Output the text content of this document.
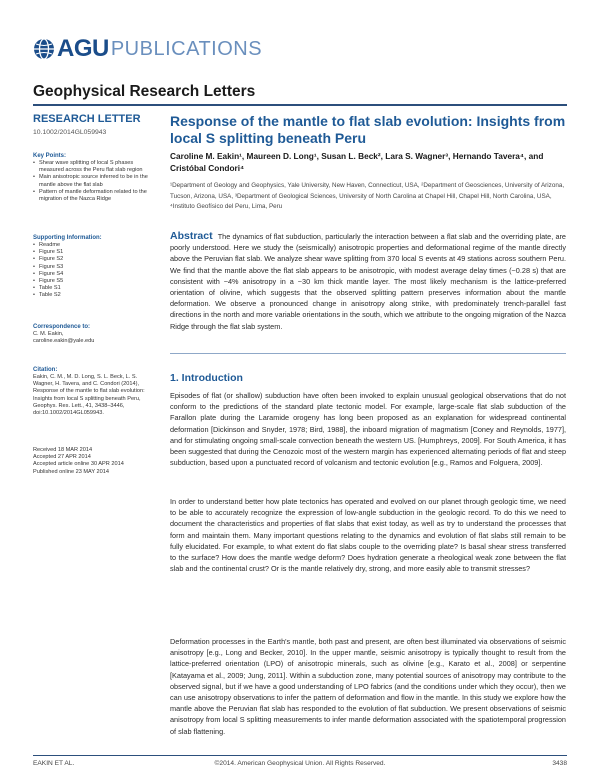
AGU PUBLICATIONS
Geophysical Research Letters
RESEARCH LETTER
10.1002/2014GL059943
Key Points:
• Shear wave splitting of local S phases measured across the Peru flat slab region
• Main anisotropic source inferred to be in the mantle above the flat slab
• Pattern of mantle deformation related to the migration of the Nazca Ridge
Supporting Information:
• Readme
• Figure S1
• Figure S2
• Figure S3
• Figure S4
• Figure S5
• Table S1
• Table S2
Correspondence to:
C. M. Eakin,
caroline.eakin@yale.edu
Citation:
Eakin, C. M., M. D. Long, S. L. Beck, L. S. Wagner, H. Tavera, and C. Condori (2014), Response of the mantle to flat slab evolution: Insights from local S splitting beneath Peru, Geophys. Res. Lett., 41, 3438–3446, doi:10.1002/2014GL059943.
Received 18 MAR 2014
Accepted 27 APR 2014
Accepted article online 30 APR 2014
Published online 23 MAY 2014
Response of the mantle to flat slab evolution: Insights from local S splitting beneath Peru
Caroline M. Eakin¹, Maureen D. Long¹, Susan L. Beck², Lara S. Wagner³, Hernando Tavera⁴, and Cristóbal Condori⁴
¹Department of Geology and Geophysics, Yale University, New Haven, Connecticut, USA, ²Department of Geosciences, University of Arizona, Tucson, Arizona, USA, ³Department of Geological Sciences, University of North Carolina at Chapel Hill, Chapel Hill, North Carolina, USA, ⁴Instituto Geofísico del Peru, Lima, Peru
Abstract The dynamics of flat subduction, particularly the interaction between a flat slab and the overriding plate, are poorly understood. Here we study the (seismically) anisotropic properties and deformational regime of the mantle directly above the Peruvian flat slab. We analyze shear wave splitting from 370 local S events at 49 stations across southern Peru. We find that the mantle above the flat slab appears to be anisotropic, with modest average delay times (~0.28 s) that are consistent with ~4% anisotropy in a ~30 km thick mantle layer. The most likely mechanism is the lattice-preferred orientation of olivine, which suggests that the observed splitting pattern preserves information about the mantle deformation. We observe a pronounced change in anisotropy along strike, with predominately trench-parallel fast directions in the north and more variable orientations in the south, which we attribute to the ongoing migration of the Nazca Ridge through the flat slab system.
1. Introduction
Episodes of flat (or shallow) subduction have often been invoked to explain unusual geological observations that do not conform to the predictions of the standard plate tectonic model. For example, large-scale flat slab subduction of the Farallon plate during the Laramide orogeny has long been proposed as an explanation for widespread continental deformation [Dickinson and Snyder, 1978; Bird, 1988], the inboard migration of magmatism [Coney and Reynolds, 1977], and for stimulating ongoing small-scale convection beneath the western US. [Humphreys, 2009]. For South America, it has been suggested that during the Cenozoic most of the western margin has experienced alternating periods of flat and steep subduction, based upon a punctuated record of volcanism and tectonic evolution [e.g., Ramos and Folguera, 2009].
In order to understand better how plate tectonics has operated and evolved on our planet through geologic time, we need to be able to accurately recognize the expression of low-angle subduction in the geologic record. To do this we need to document the characteristics and properties of flat slabs that exist today, as well as try to understand the processes that form and maintain them. Many important questions relating to the dynamics and evolution of flat slabs still remain to be fully elucidated. For example, to what extent do flat slabs couple to the overriding plate? Is basal shear stress transferred to the surface? How does the mantle wedge deform? Does hydration generate a rheological weak zone between the flat slab and the continental crust? Or is the mantle relatively dry, strong, and more easily able to transmit stresses?
Deformation processes in the Earth's mantle, both past and present, are often best illuminated via observations of seismic anisotropy [e.g., Long and Becker, 2010]. In the upper mantle, seismic anisotropy is typically thought to result from the lattice-preferred orientation (LPO) of anisotropic minerals, such as olivine [e.g., Karato et al., 2008] or serpentine [Katayama et al., 2009; Jung, 2011]. Within a subduction zone, many potential sources of anisotropy may contribute to the observed signal, but if we have a good understanding of LPO fabrics (and the conditions under which they occur), then we can use anisotropy observations to infer the pattern of deformation and flow in the mantle. In this study we explore how the mantle above the Peruvian flat slab has responded to the evolution of flat subduction. We present observations of seismic anisotropy from local S splitting measurements to infer mantle deformation associated with the spatiotemporal progression of slab flattening.
EAKIN ET AL.	©2014. American Geophysical Union. All Rights Reserved.	3438
